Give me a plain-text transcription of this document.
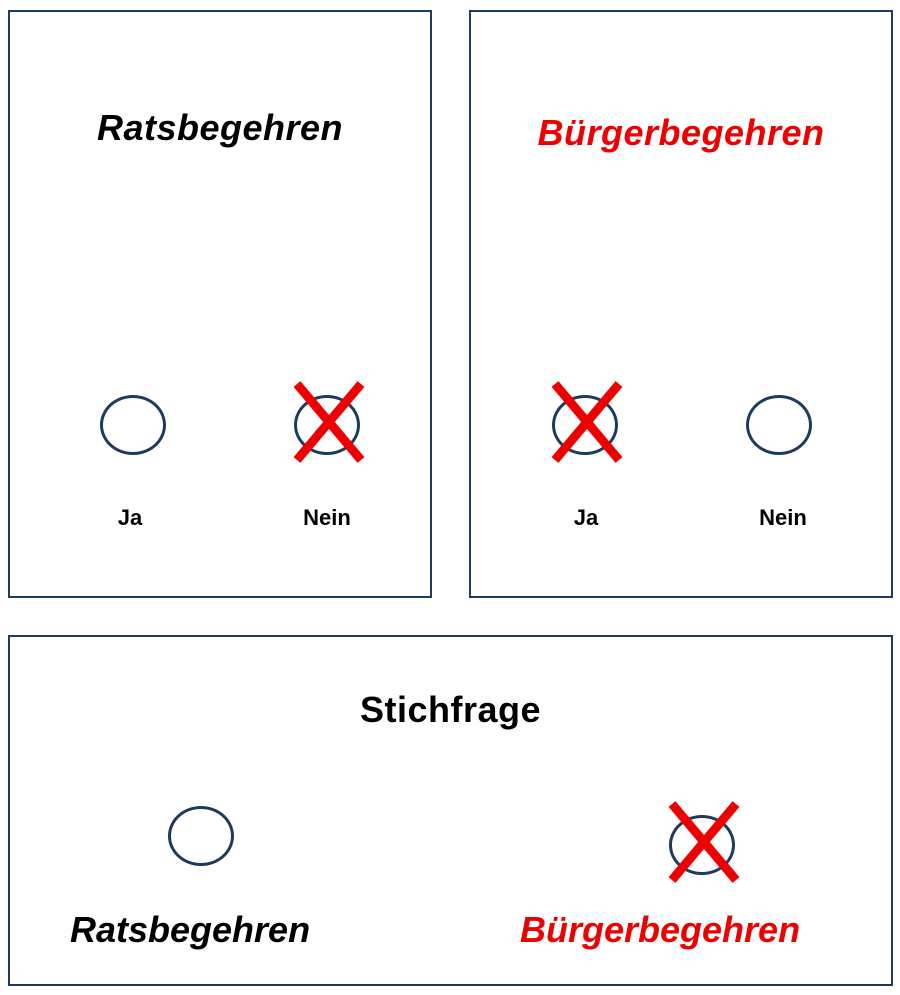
Ratsbegehren
Ja	Nein
Bürgerbegehren
Ja	Nein
Stichfrage
Ratsbegehren	Bürgerbegehren
